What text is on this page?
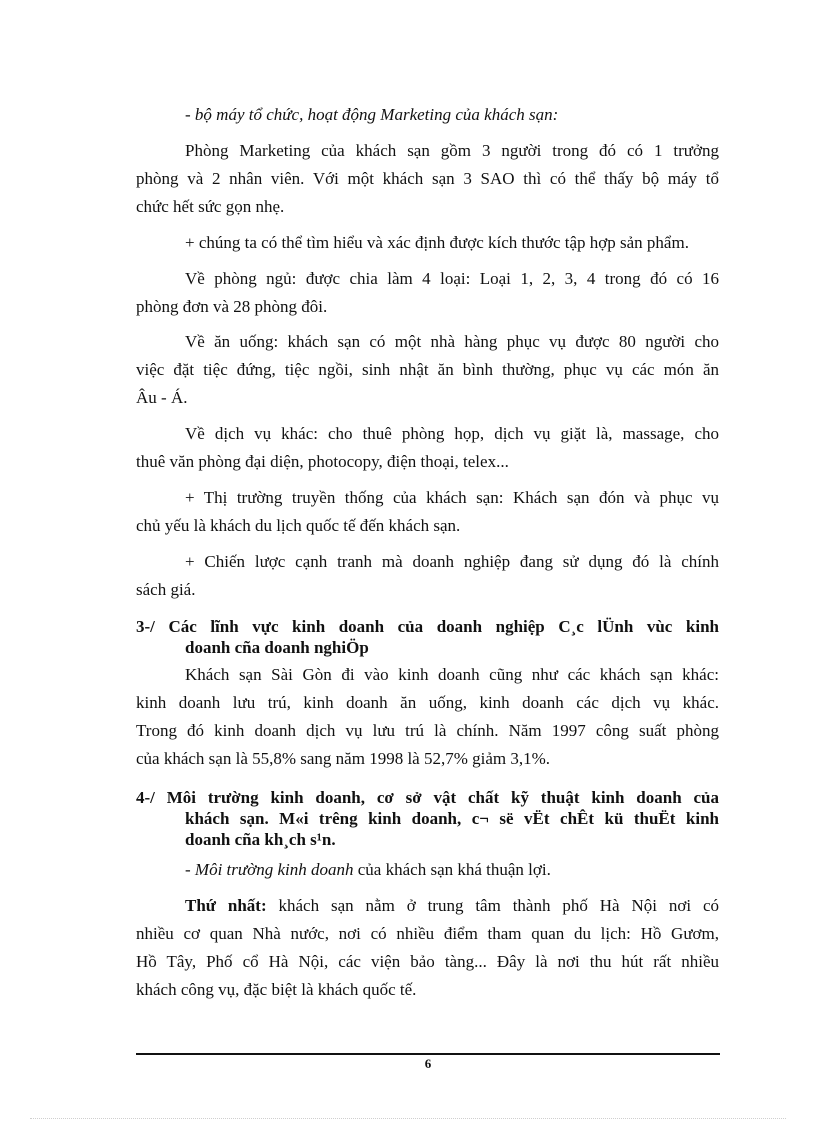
- bộ máy tổ chức, hoạt động Marketing của khách sạn:

Phòng Marketing của khách sạn gồm 3 người trong đó có 1 trưởng
phòng và 2 nhân viên. Với một khách sạn 3 SAO thì có thể thấy bộ máy tổ
chức hết sức gọn nhẹ.

+ chúng ta có thể tìm hiểu và xác định được kích thước tập hợp sản phẩm.

Về phòng ngủ: được chia làm 4 loại: Loại 1, 2, 3, 4 trong đó có 16
phòng đơn và 28 phòng đôi.
Về ăn uống: khách sạn có một nhà hàng phục vụ được 80 người cho
việc đặt tiệc đứng, tiệc ngồi, sinh nhật ăn bình thường, phục vụ các món ăn
Âu - Á.
Về dịch vụ khác: cho thuê phòng họp, dịch vụ giặt là, massage, cho
thuê văn phòng đại diện, photocopy, điện thoại, telex...
+ Thị trường truyền thống của khách sạn: Khách sạn đón và phục vụ
chủ yếu là khách du lịch quốc tế đến khách sạn.
+ Chiến lược cạnh tranh mà doanh nghiệp đang sử dụng đó là chính
sách giá.
3-/ Các lĩnh vực kinh doanh của doanh nghiệp C¸c lÜnh vùc kinh
doanh cña doanh nghiÖp
Khách sạn Sài Gòn đi vào kinh doanh cũng như các khách sạn khác:
kinh doanh lưu trú, kinh doanh ăn uống, kinh doanh các dịch vụ khác.
Trong đó kinh doanh dịch vụ lưu trú là chính. Năm 1997 công suất phòng
của khách sạn là 55,8% sang năm 1998 là 52,7% giảm 3,1%.
4-/ Môi trường kinh doanh, cơ sở vật chất kỹ thuật kinh doanh của
khách sạn. M«i trêng kinh doanh, c¬ së vËt chÊt kü thuËt kinh
doanh cña kh¸ch s¹n.

- Môi trường kinh doanh của khách sạn khá thuận lợi.

Thứ nhất: khách sạn nằm ở trung tâm thành phố Hà Nội nơi có
nhiều cơ quan Nhà nước, nơi có nhiều điểm tham quan du lịch: Hồ Gươm,
Hồ Tây, Phố cổ Hà Nội, các viện bảo tàng... Đây là nơi thu hút rất nhiều
khách công vụ, đặc biệt là khách quốc tế.
6
